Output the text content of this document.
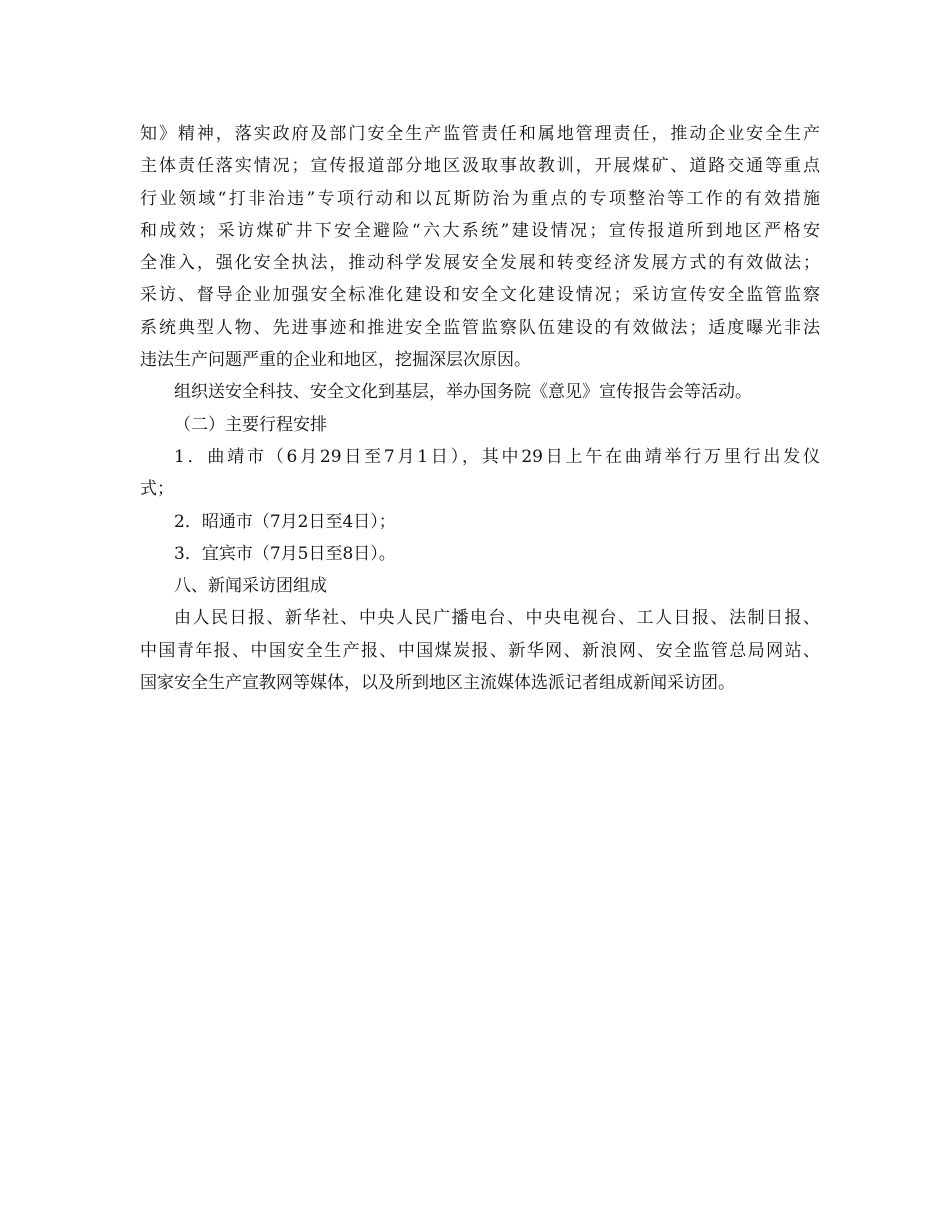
知》精神，落实政府及部门安全生产监管责任和属地管理责任，推动企业安全生产
主体责任落实情况；宣传报道部分地区汲取事故教训，开展煤矿、道路交通等重点
行业领域“打非治违”专项行动和以瓦斯防治为重点的专项整治等工作的有效措施
和成效；采访煤矿井下安全避险“六大系统”建设情况；宣传报道所到地区严格安
全准入，强化安全执法，推动科学发展安全发展和转变经济发展方式的有效做法；
采访、督导企业加强安全标准化建设和安全文化建设情况；采访宣传安全监管监察
系统典型人物、先进事迹和推进安全监管监察队伍建设的有效做法；适度曝光非法
违法生产问题严重的企业和地区，挖掘深层次原因。
组织送安全科技、安全文化到基层，举办国务院《意见》宣传报告会等活动。
（二）主要行程安排
1．曲靖市（6月29日至7月1日），其中29日上午在曲靖举行万里行出发仪
式；
2．昭通市（7月2日至4日）；
3．宜宾市（7月5日至8日）。
八、新闻采访团组成
由人民日报、新华社、中央人民广播电台、中央电视台、工人日报、法制日报、
中国青年报、中国安全生产报、中国煤炭报、新华网、新浪网、安全监管总局网站、
国家安全生产宣教网等媒体，以及所到地区主流媒体选派记者组成新闻采访团。
